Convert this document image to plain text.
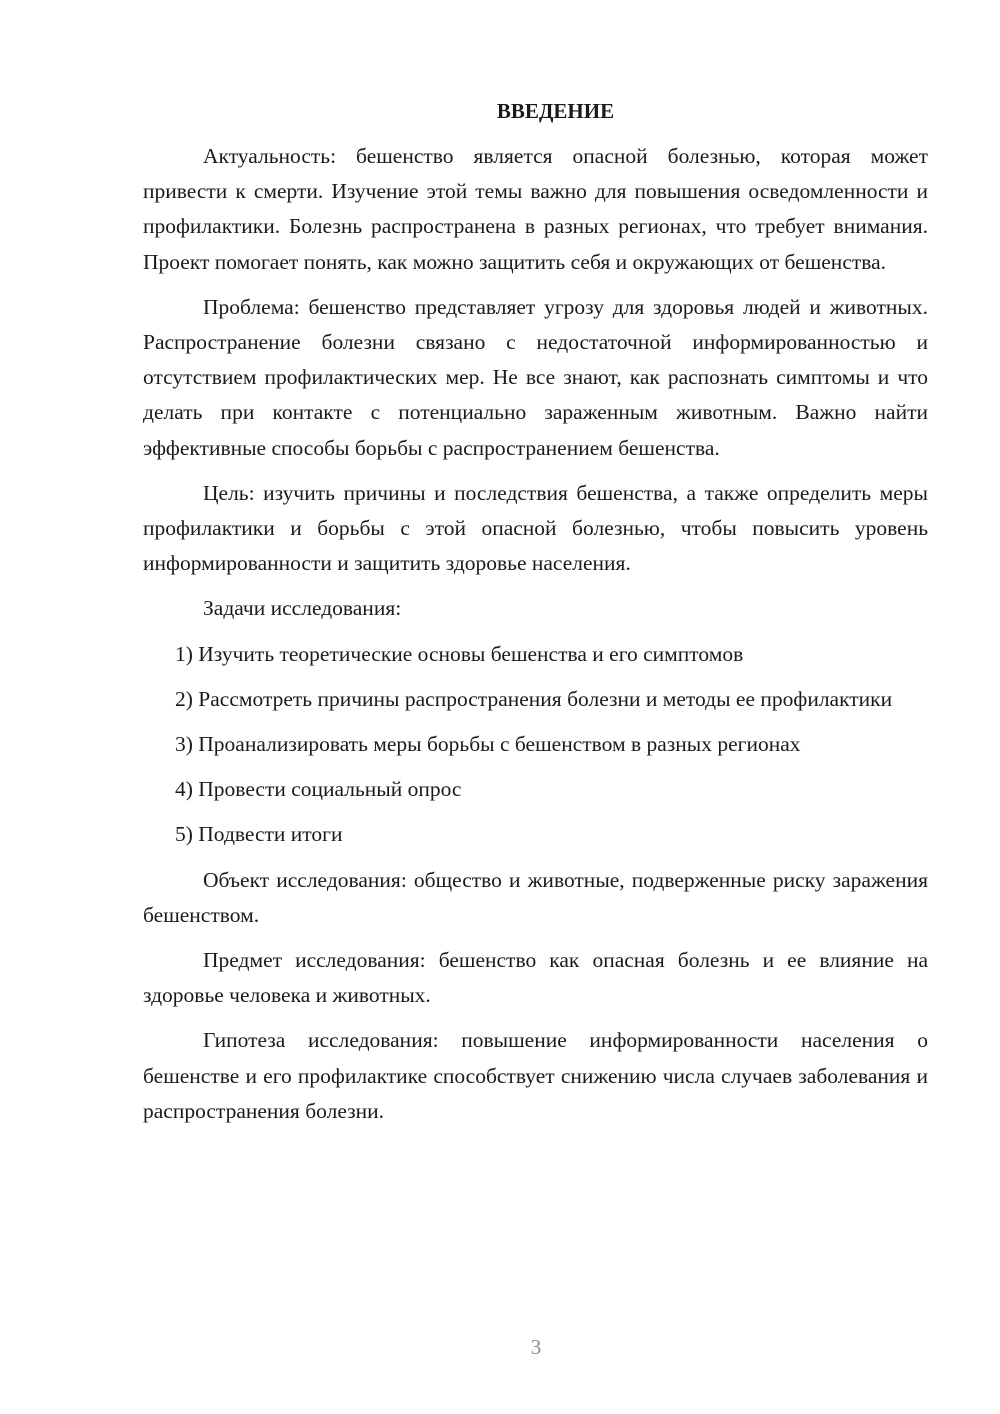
ВВЕДЕНИЕ

Актуальность: бешенство является опасной болезнью, которая может привести к смерти. Изучение этой темы важно для повышения осведомленности и профилактики. Болезнь распространена в разных регионах, что требует внимания. Проект помогает понять, как можно защитить себя и окружающих от бешенства.

Проблема: бешенство представляет угрозу для здоровья людей и животных. Распространение болезни связано с недостаточной информированностью и отсутствием профилактических мер. Не все знают, как распознать симптомы и что делать при контакте с потенциально зараженным животным. Важно найти эффективные способы борьбы с распространением бешенства.

Цель: изучить причины и последствия бешенства, а также определить меры профилактики и борьбы с этой опасной болезнью, чтобы повысить уровень информированности и защитить здоровье населения.

Задачи исследования:

1) Изучить теоретические основы бешенства и его симптомов

2) Рассмотреть причины распространения болезни и методы ее профилактики

3) Проанализировать меры борьбы с бешенством в разных регионах

4) Провести социальный опрос

5) Подвести итоги

Объект исследования: общество и животные, подверженные риску заражения бешенством.

Предмет исследования: бешенство как опасная болезнь и ее влияние на здоровье человека и животных.

Гипотеза исследования: повышение информированности населения о бешенстве и его профилактике способствует снижению числа случаев заболевания и распространения болезни.

3
